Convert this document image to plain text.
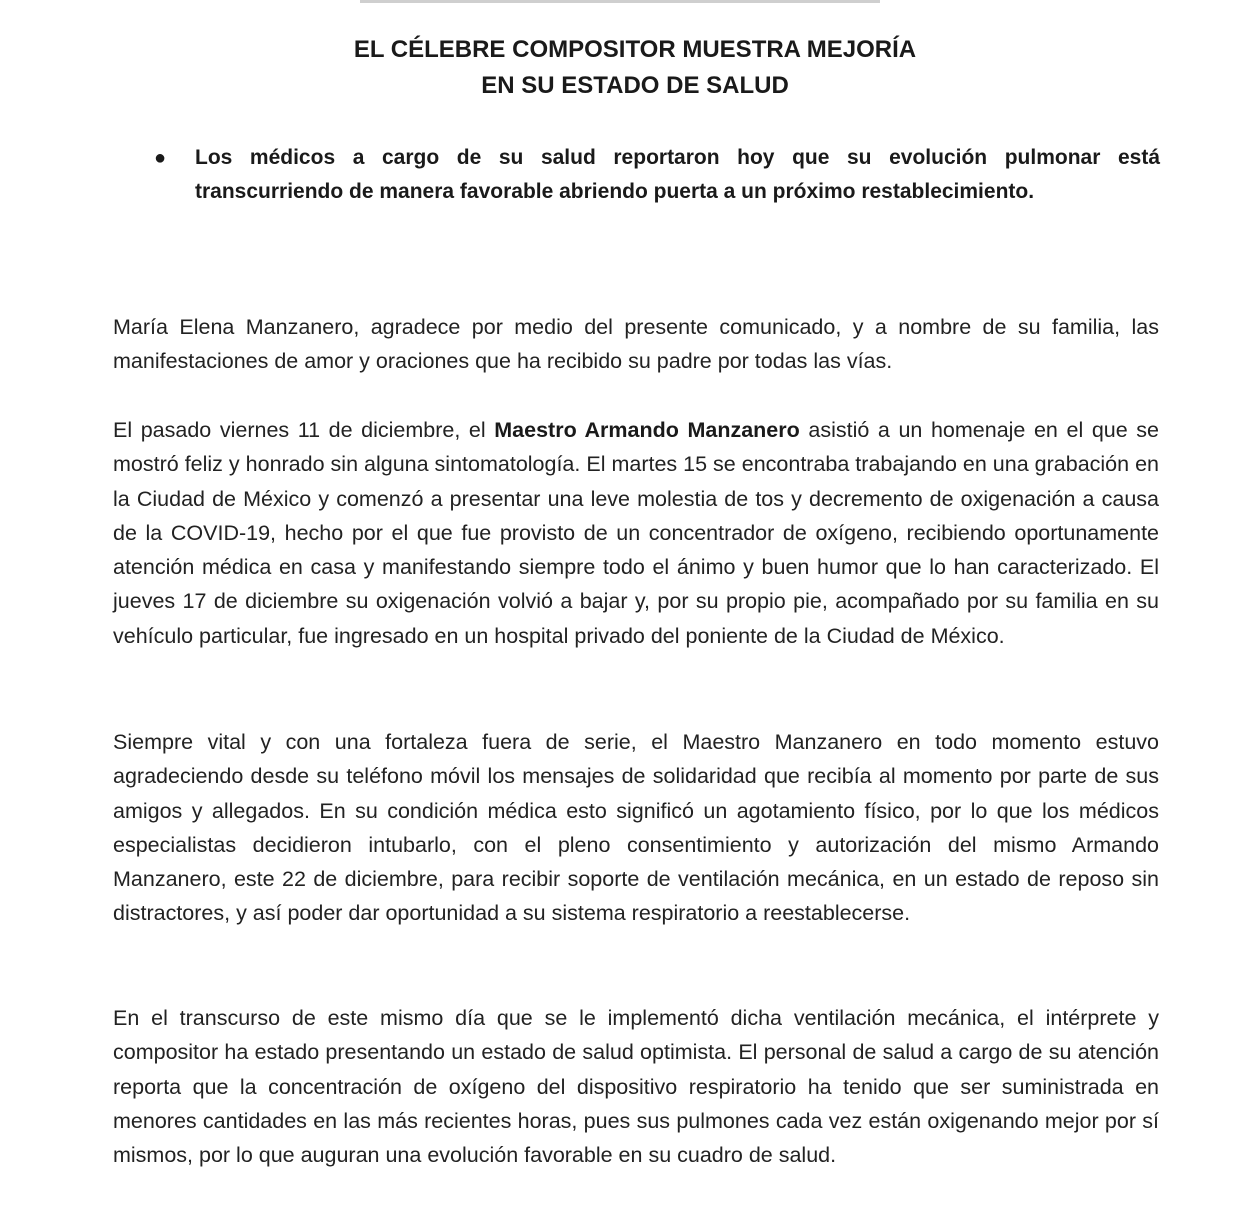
EL CÉLEBRE COMPOSITOR MUESTRA MEJORÍA
EN SU ESTADO DE SALUD
● Los médicos a cargo de su salud reportaron hoy que su evolución pulmonar está transcurriendo de manera favorable abriendo puerta a un próximo restablecimiento.
María Elena Manzanero, agradece por medio del presente comunicado, y a nombre de su familia, las manifestaciones de amor y oraciones que ha recibido su padre por todas las vías.
El pasado viernes 11 de diciembre, el Maestro Armando Manzanero asistió a un homenaje en el que se mostró feliz y honrado sin alguna sintomatología. El martes 15 se encontraba trabajando en una grabación en la Ciudad de México y comenzó a presentar una leve molestia de tos y decremento de oxigenación a causa de la COVID-19, hecho por el que fue provisto de un concentrador de oxígeno, recibiendo oportunamente atención médica en casa y manifestando siempre todo el ánimo y buen humor que lo han caracterizado. El jueves 17 de diciembre su oxigenación volvió a bajar y, por su propio pie, acompañado por su familia en su vehículo particular, fue ingresado en un hospital privado del poniente de la Ciudad de México.
Siempre vital y con una fortaleza fuera de serie, el Maestro Manzanero en todo momento estuvo agradeciendo desde su teléfono móvil los mensajes de solidaridad que recibía al momento por parte de sus amigos y allegados. En su condición médica esto significó un agotamiento físico, por lo que los médicos especialistas decidieron intubarlo, con el pleno consentimiento y autorización del mismo Armando Manzanero, este 22 de diciembre, para recibir soporte de ventilación mecánica, en un estado de reposo sin distractores, y así poder dar oportunidad a su sistema respiratorio a reestablecerse.
En el transcurso de este mismo día que se le implementó dicha ventilación mecánica, el intérprete y compositor ha estado presentando un estado de salud optimista. El personal de salud a cargo de su atención reporta que la concentración de oxígeno del dispositivo respiratorio ha tenido que ser suministrada en menores cantidades en las más recientes horas, pues sus pulmones cada vez están oxigenando mejor por sí mismos, por lo que auguran una evolución favorable en su cuadro de salud.
